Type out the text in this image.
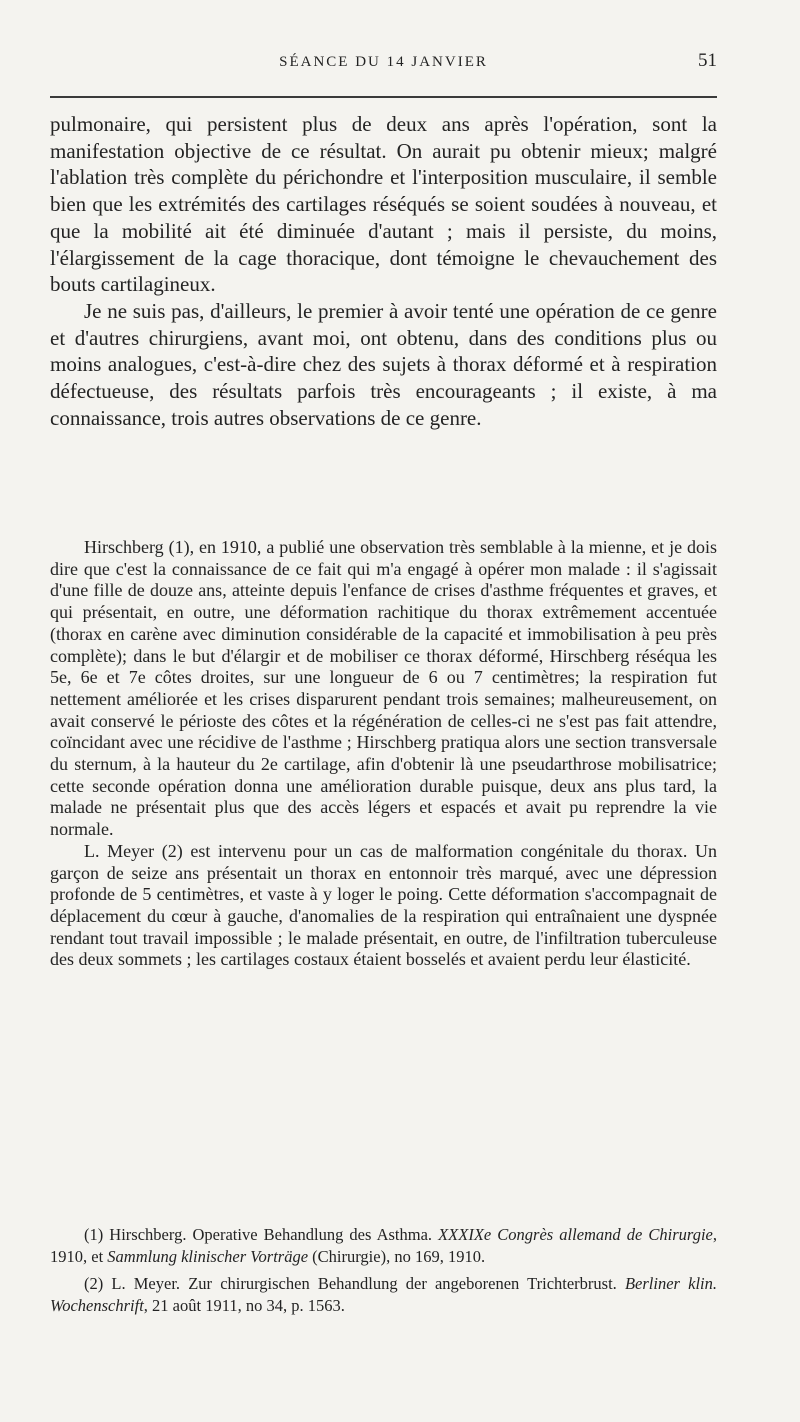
SÉANCE DU 14 JANVIER	51

pulmonaire, qui persistent plus de deux ans après l'opération, sont la manifestation objective de ce résultat. On aurait pu obtenir mieux; malgré l'ablation très complète du périchondre et l'interposition musculaire, il semble bien que les extrémités des cartilages réséqués se soient soudées à nouveau, et que la mobilité ait été diminuée d'autant ; mais il persiste, du moins, l'élargissement de la cage thoracique, dont témoigne le chevauchement des bouts cartilagineux.

Je ne suis pas, d'ailleurs, le premier à avoir tenté une opération de ce genre et d'autres chirurgiens, avant moi, ont obtenu, dans des conditions plus ou moins analogues, c'est-à-dire chez des sujets à thorax déformé et à respiration défectueuse, des résultats parfois très encourageants ; il existe, à ma connaissance, trois autres observations de ce genre.

Hirschberg (1), en 1910, a publié une observation très semblable à la mienne, et je dois dire que c'est la connaissance de ce fait qui m'a engagé à opérer mon malade : il s'agissait d'une fille de douze ans, atteinte depuis l'enfance de crises d'asthme fréquentes et graves, et qui présentait, en outre, une déformation rachitique du thorax extrêmement accentuée (thorax en carène avec diminution considérable de la capacité et immobilisation à peu près complète); dans le but d'élargir et de mobiliser ce thorax déformé, Hirschberg réséqua les 5e, 6e et 7e côtes droites, sur une longueur de 6 ou 7 centimètres; la respiration fut nettement améliorée et les crises disparurent pendant trois semaines; malheureusement, on avait conservé le périoste des côtes et la régénération de celles-ci ne s'est pas fait attendre, coïncidant avec une récidive de l'asthme ; Hirschberg pratiqua alors une section transversale du sternum, à la hauteur du 2e cartilage, afin d'obtenir là une pseudarthrose mobilisatrice; cette seconde opération donna une amélioration durable puisque, deux ans plus tard, la malade ne présentait plus que des accès légers et espacés et avait pu reprendre la vie normale.

L. Meyer (2) est intervenu pour un cas de malformation congénitale du thorax. Un garçon de seize ans présentait un thorax en entonnoir très marqué, avec une dépression profonde de 5 centimètres, et vaste à y loger le poing. Cette déformation s'accompagnait de déplacement du cœur à gauche, d'anomalies de la respiration qui entraînaient une dyspnée rendant tout travail impossible ; le malade présentait, en outre, de l'infiltration tuberculeuse des deux sommets ; les cartilages costaux étaient bosselés et avaient perdu leur élasticité.

(1) Hirschberg. Operative Behandlung des Asthma. XXXIXe Congrès allemand de Chirurgie, 1910, et Sammlung klinischer Vorträge (Chirurgie), no 169, 1910.

(2) L. Meyer. Zur chirurgischen Behandlung der angeborenen Trichterbrust. Berliner klin. Wochenschrift, 21 août 1911, no 34, p. 1563.
